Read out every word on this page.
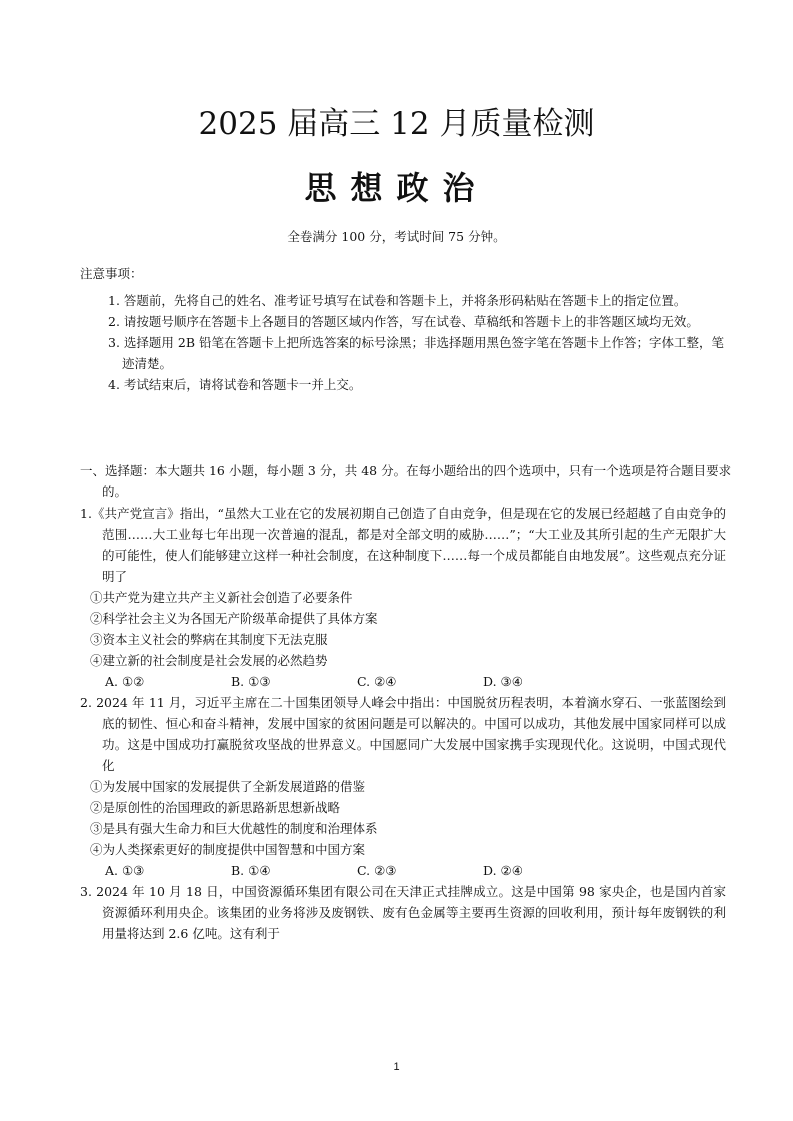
2025 届高三 12 月质量检测
思想政治
全卷满分 100 分，考试时间 75 分钟。
注意事项：
1. 答题前，先将自己的姓名、准考证号填写在试卷和答题卡上，并将条形码粘贴在答题卡上的指定位置。
2. 请按题号顺序在答题卡上各题目的答题区域内作答，写在试卷、草稿纸和答题卡上的非答题区域均无效。
3. 选择题用 2B 铅笔在答题卡上把所选答案的标号涂黑；非选择题用黑色签字笔在答题卡上作答；字体工整，笔迹清楚。
4. 考试结束后，请将试卷和答题卡一并上交。
一、选择题：本大题共 16 小题，每小题 3 分，共 48 分。在每小题给出的四个选项中，只有一个选项是符合题目要求的。
1.《共产党宣言》指出，“虽然大工业在它的发展初期自己创造了自由竞争，但是现在它的发展已经超越了自由竞争的范围……大工业每七年出现一次普遍的混乱，都是对全部文明的威胁……”；“大工业及其所引起的生产无限扩大的可能性，使人们能够建立这样一种社会制度，在这种制度下……每一个成员都能自由地发展”。这些观点充分证明了
①共产党为建立共产主义新社会创造了必要条件
②科学社会主义为各国无产阶级革命提供了具体方案
③资本主义社会的弊病在其制度下无法克服
④建立新的社会制度是社会发展的必然趋势
A. ①②	B. ①③	C. ②④	D. ③④
2. 2024 年 11 月，习近平主席在二十国集团领导人峰会中指出：中国脱贫历程表明，本着滴水穿石、一张蓝图绘到底的韧性、恒心和奋斗精神，发展中国家的贫困问题是可以解决的。中国可以成功，其他发展中国家同样可以成功。这是中国成功打赢脱贫攻坚战的世界意义。中国愿同广大发展中国家携手实现现代化。这说明，中国式现代化
①为发展中国家的发展提供了全新发展道路的借鉴
②是原创性的治国理政的新思路新思想新战略
③是具有强大生命力和巨大优越性的制度和治理体系
④为人类探索更好的制度提供中国智慧和中国方案
A. ①③	B. ①④	C. ②③	D. ②④
3. 2024 年 10 月 18 日，中国资源循环集团有限公司在天津正式挂牌成立。这是中国第 98 家央企，也是国内首家资源循环利用央企。该集团的业务将涉及废钢铁、废有色金属等主要再生资源的回收利用，预计每年废钢铁的利用量将达到 2.6 亿吨。这有利于
1
